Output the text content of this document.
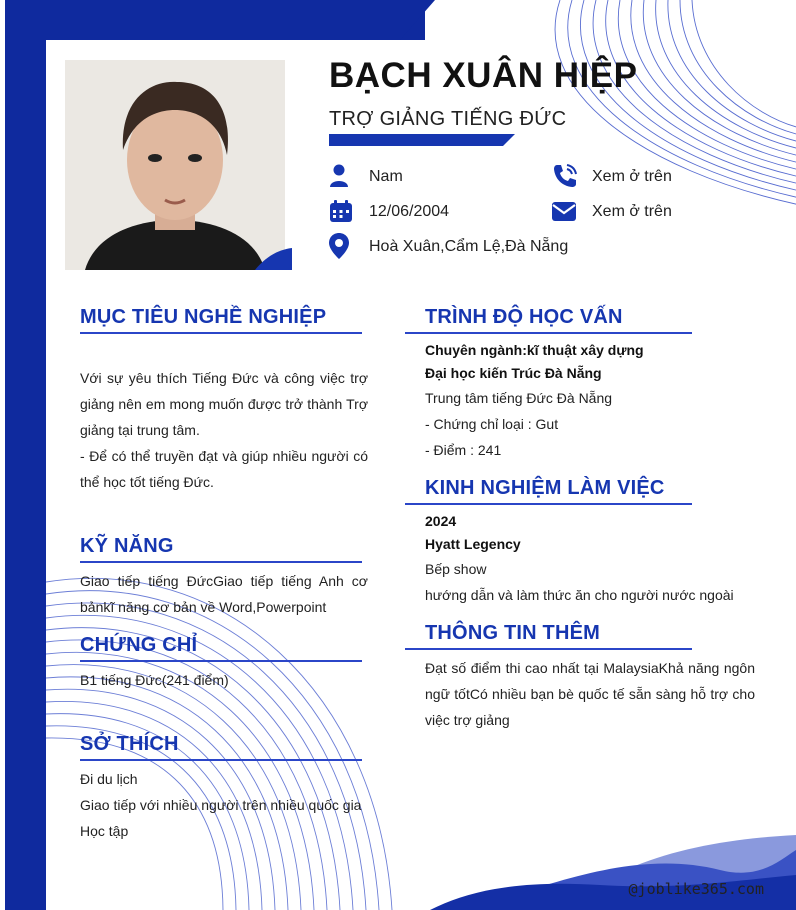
BẠCH XUÂN HIỆP
TRỢ GIẢNG TIẾNG ĐỨC
Nam
12/06/2004
Hoà Xuân,Cẩm Lệ,Đà Nẵng
Xem ở trên
Xem ở trên
MỤC TIÊU NGHỀ NGHIỆP
Với sự yêu thích Tiếng Đức và công việc trợ giảng nên em mong muốn được trở thành Trợ giảng tại trung tâm.
- Để có thể truyền đạt và giúp nhiều người có thể học tốt tiếng Đức.
KỸ NĂNG
Giao tiếp tiếng ĐứcGiao tiếp tiếng Anh cơ bảnkĩ năng cơ bản về Word,Powerpoint
CHỨNG CHỈ
B1 tiếng Đức(241 điểm)
SỞ THÍCH
Đi du lịch
Giao tiếp với nhiều người trên nhiều quốc gia
Học tập
TRÌNH ĐỘ HỌC VẤN
Chuyên ngành:kĩ thuật xây dựng
Đại học kiến Trúc Đà Nẵng
Trung tâm tiếng Đức Đà Nẵng
- Chứng chỉ loại : Gut
- Điểm : 241
KINH NGHIỆM LÀM VIỆC
2024
Hyatt Legency
Bếp show
hướng dẫn và làm thức ăn cho người nước ngoài
THÔNG TIN THÊM
Đạt số điểm thi cao nhất tại MalaysiaKhả năng ngôn ngữ tốtCó nhiều bạn bè quốc tế sẵn sàng hỗ trợ cho việc trợ giảng
@joblike365.com
